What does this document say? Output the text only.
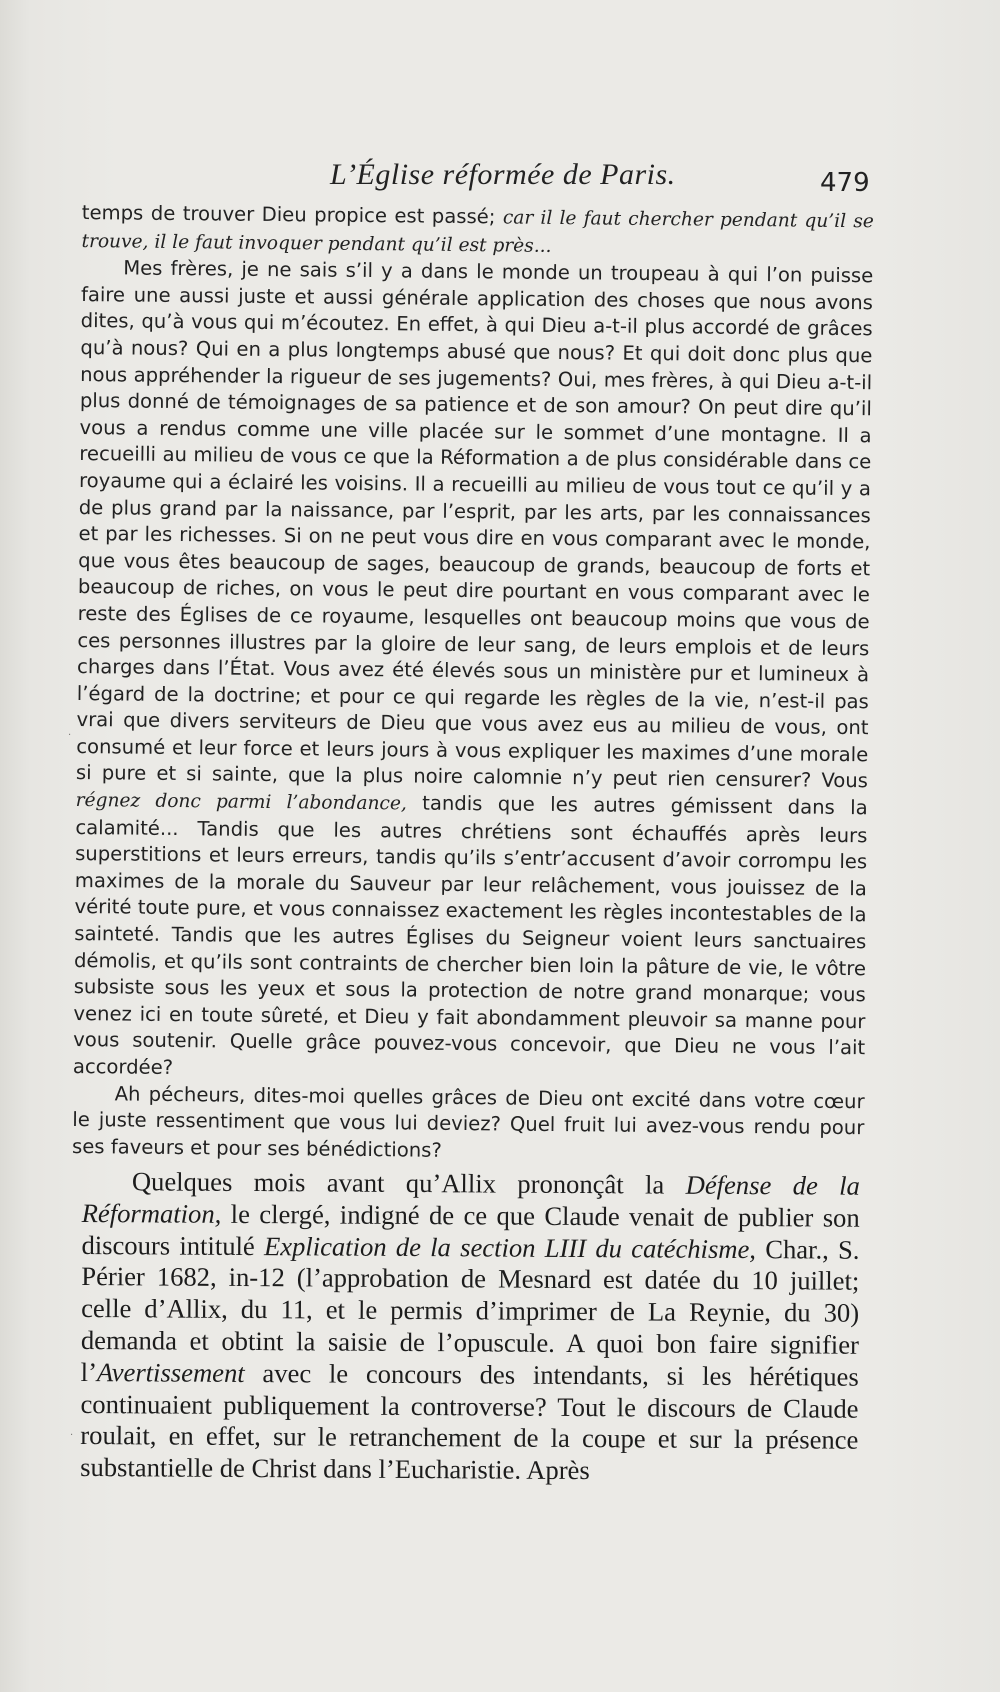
L’Église réformée de Paris.	479

temps de trouver Dieu propice est passé; car il le faut chercher pendant qu’il se trouve, il le faut invoquer pendant qu’il est près...

Mes frères, je ne sais s’il y a dans le monde un troupeau à qui l’on puisse faire une aussi juste et aussi générale application des choses que nous avons dites, qu’à vous qui m’écoutez. En effet, à qui Dieu a-t-il plus accordé de grâces qu’à nous? Qui en a plus longtemps abusé que nous? Et qui doit donc plus que nous appréhender la rigueur de ses jugements? Oui, mes frères, à qui Dieu a-t-il plus donné de témoignages de sa patience et de son amour? On peut dire qu’il vous a rendus comme une ville placée sur le sommet d’une montagne. Il a recueilli au milieu de vous ce que la Réformation a de plus considérable dans ce royaume qui a éclairé les voisins. Il a recueilli au milieu de vous tout ce qu’il y a de plus grand par la naissance, par l’esprit, par les arts, par les connaissances et par les richesses. Si on ne peut vous dire en vous comparant avec le monde, que vous êtes beaucoup de sages, beaucoup de grands, beaucoup de forts et beaucoup de riches, on vous le peut dire pourtant en vous comparant avec le reste des Églises de ce royaume, lesquelles ont beaucoup moins que vous de ces personnes illustres par la gloire de leur sang, de leurs emplois et de leurs charges dans l’État. Vous avez été élevés sous un ministère pur et lumineux à l’égard de la doctrine; et pour ce qui regarde les règles de la vie, n’est-il pas vrai que divers serviteurs de Dieu que vous avez eus au milieu de vous, ont consumé et leur force et leurs jours à vous expliquer les maximes d’une morale si pure et si sainte, que la plus noire calomnie n’y peut rien censurer? Vous régnez donc parmi l’abondance, tandis que les autres gémissent dans la calamité... Tandis que les autres chrétiens sont échauffés après leurs superstitions et leurs erreurs, tandis qu’ils s’entr’accusent d’avoir corrompu les maximes de la morale du Sauveur par leur relâchement, vous jouissez de la vérité toute pure, et vous connaissez exactement les règles incontestables de la sainteté. Tandis que les autres Églises du Seigneur voient leurs sanctuaires démolis, et qu’ils sont contraints de chercher bien loin la pâture de vie, le vôtre subsiste sous les yeux et sous la protection de notre grand monarque; vous venez ici en toute sûreté, et Dieu y fait abondamment pleuvoir sa manne pour vous soutenir. Quelle grâce pouvez-vous concevoir, que Dieu ne vous l’ait accordée?

Ah pécheurs, dites-moi quelles grâces de Dieu ont excité dans votre cœur le juste ressentiment que vous lui deviez? Quel fruit lui avez-vous rendu pour ses faveurs et pour ses bénédictions?

Quelques mois avant qu’Allix prononçât la Défense de la Réformation, le clergé, indigné de ce que Claude venait de publier son discours intitulé Explication de la section LIII du catéchisme, Char., S. Périer 1682, in-12 (l’approbation de Mesnard est datée du 10 juillet; celle d’Allix, du 11, et le permis d’imprimer de La Reynie, du 30) demanda et obtint la saisie de l’opuscule. A quoi bon faire signifier l’Avertissement avec le concours des intendants, si les hérétiques continuaient publiquement la controverse? Tout le discours de Claude roulait, en effet, sur le retranchement de la coupe et sur la présence substantielle de Christ dans l’Eucharistie. Après

·
·
